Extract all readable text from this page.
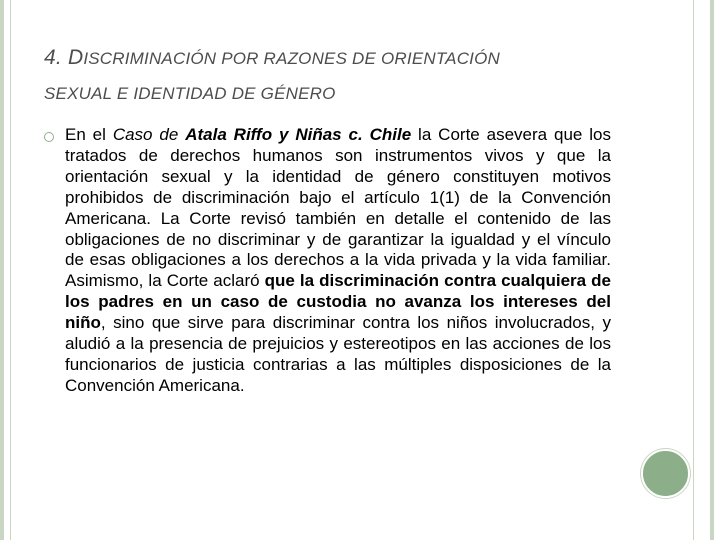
4. DISCRIMINACIÓN POR RAZONES DE ORIENTACIÓN
SEXUAL E IDENTIDAD DE GÉNERO
En el Caso de Atala Riffo y Niñas c. Chile la Corte asevera que los tratados de derechos humanos son instrumentos vivos y que la orientación sexual y la identidad de género constituyen motivos prohibidos de discriminación bajo el artículo 1(1) de la Convención Americana. La Corte revisó también en detalle el contenido de las obligaciones de no discriminar y de garantizar la igualdad y el vínculo de esas obligaciones a los derechos a la vida privada y la vida familiar. Asimismo, la Corte aclaró que la discriminación contra cualquiera de los padres en un caso de custodia no avanza los intereses del niño, sino que sirve para discriminar contra los niños involucrados, y aludió a la presencia de prejuicios y estereotipos en las acciones de los funcionarios de justicia contrarias a las múltiples disposiciones de la Convención Americana.
